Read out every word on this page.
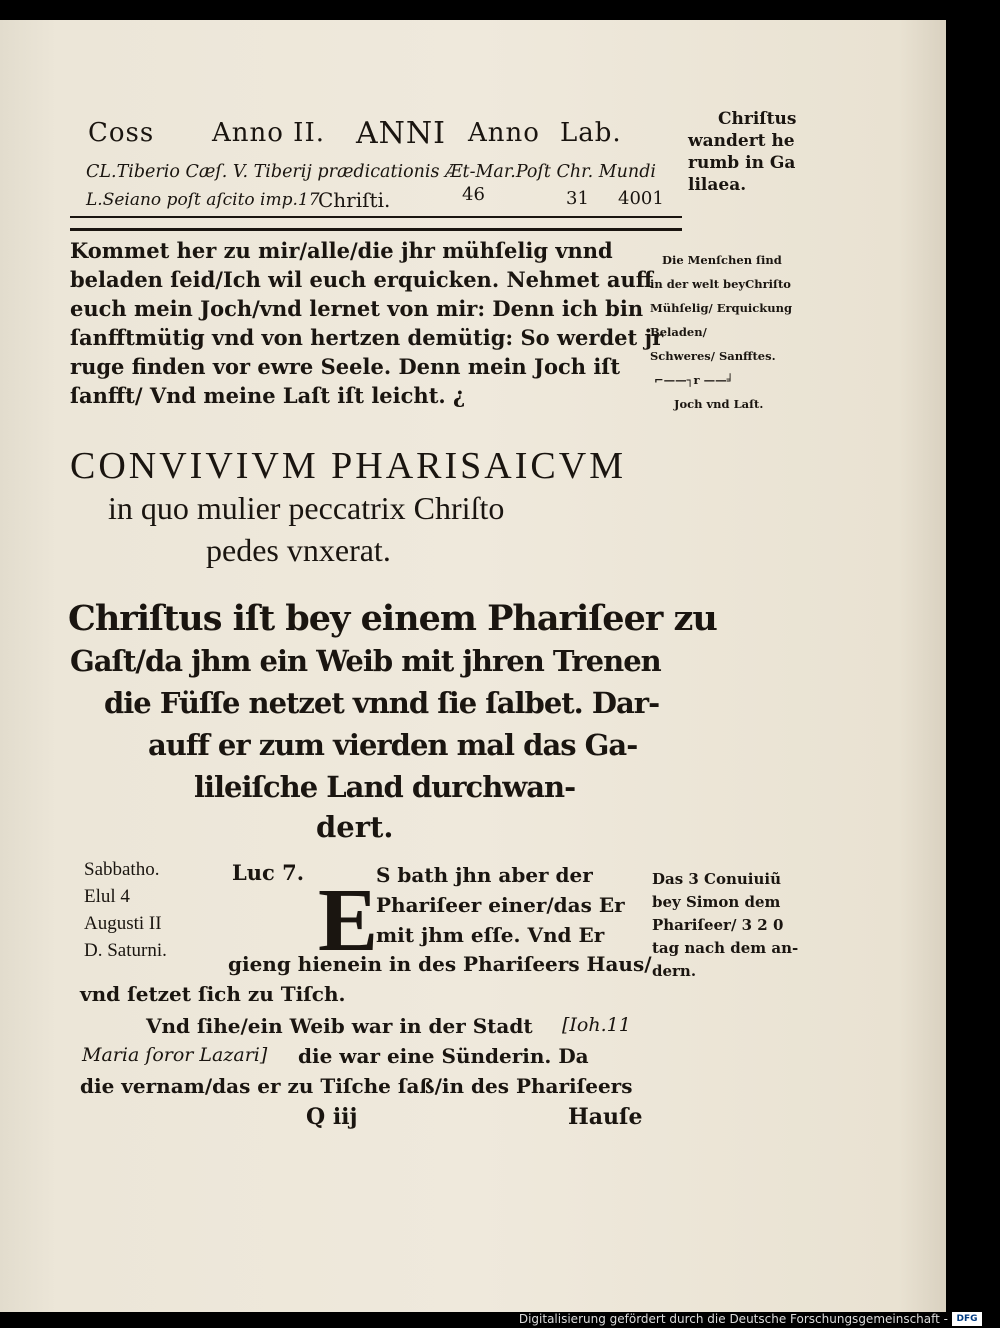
Coss Anno II. ANNI Anno Lab.
CL.Tiberio Cæſ. V. Tiberij prædicationis Æt-Mar.Poſt Chr. Mundi
L.Seiano poſt aſcito imp.17
Chriſti.	46	31 4001
Chriſtus
wandert he
rumb in Ga
lilaea.
Kommet her zu mir/alle/die jhr mühſelig vnnd
beladen ſeid/Ich wil euch erquicken. Nehmet auff
euch mein Joch/vnd lernet von mir: Denn ich bin
ſanfftmütig vnd von hertzen demütig: So werdet jr
ruge finden vor ewre Seele. Denn mein Joch iſt
ſanfft/ Vnd meine Laſt iſt leicht. ¿
Die Menſchen ſind
in der welt beyChriſto
Mühſelig/ Erquickung
Beladen/
Schweres/ Sanfftes.
⌐——┐r ——╛
Joch vnd Laſt.
CONVIVIVM PHARISAICVM
in quo mulier peccatrix Chriſto
pedes vnxerat.
Chriſtus iſt bey einem Phariſeer zu
Gaſt/da jhm ein Weib mit jhren Trenen
die Füſſe netzet vnnd ſie ſalbet. Dar-
auff er zum vierden mal das Ga-
lileiſche Land durchwan-
dert.
Sabbatho.
Elul 4
Augusti II
D. Saturni.
Luc 7. E
S bath jhn aber der
Phariſeer einer/das Er
mit jhm eſſe. Vnd Er
Das 3 Conuiuiũ
bey Simon dem
Phariſeer/ 3 2 0
tag nach dem an-
dern.
gieng hienein in des Phariſeers Haus/
vnd ſetzet ſich zu Tiſch.
Vnd ſihe/ein Weib war in der Stadt [Ioh.11
Maria ſoror Lazari] die war eine Sünderin. Da
die vernam/das er zu Tiſche ſaß/in des Phariſeers
Q iij	Hauſe
Digitalisierung gefördert durch die Deutsche Forschungsgemeinschaft - DFG
